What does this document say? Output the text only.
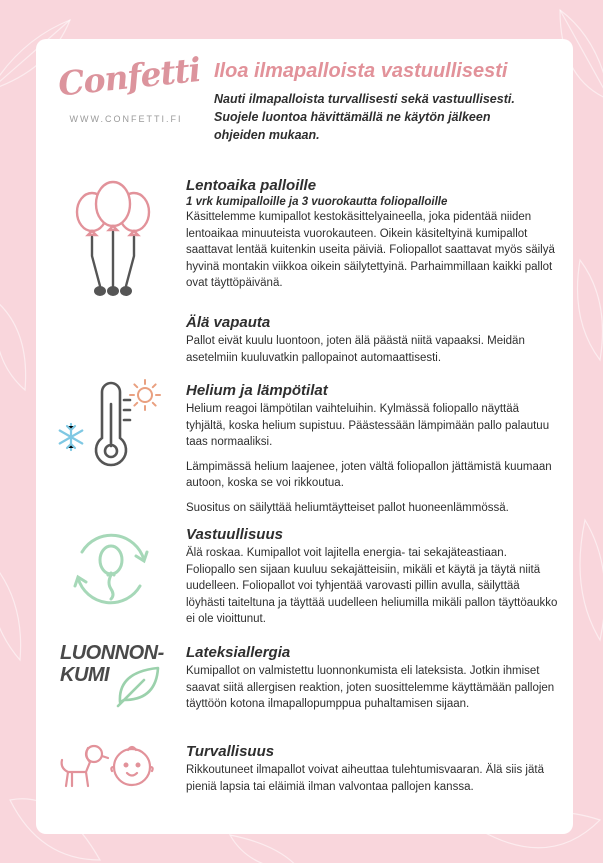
Confetti
WWW.CONFETTI.FI
Iloa ilmapalloista vastuullisesti

Nauti ilmapalloista turvallisesti sekä vastuullisesti. Suojele luontoa hävittämällä ne käytön jälkeen ohjeiden mukaan.

LUONNON-
KUMI
Lentoaika palloille

1 vrk kumipalloille ja 3 vuorokautta foliopalloille

Käsittelemme kumipallot kestokäsittelyaineella, joka pidentää niiden lentoaikaa minuuteista vuorokauteen. Oikein käsiteltyinä kumipallot saattavat lentää kuitenkin useita päiviä. Foliopallot saattavat myös säilyä hyvinä montakin viikkoa oikein säilytettyinä. Parhaimmillaan kaikki pallot ovat täyttöpäivänä.

Älä vapauta

Pallot eivät kuulu luontoon, joten älä päästä niitä vapaaksi. Meidän asetelmiin kuuluvatkin pallopainot automaattisesti.

Helium ja lämpötilat

Helium reagoi lämpötilan vaihteluihin. Kylmässä foliopallo näyttää tyhjältä, koska helium supistuu. Päästessään lämpimään pallo palautuu taas normaaliksi.

Lämpimässä helium laajenee, joten vältä foliopallon jättämistä kuumaan autoon, koska se voi rikkoutua.

Suositus on säilyttää heliumtäytteiset pallot huoneenlämmössä.

Vastuullisuus

Älä roskaa. Kumipallot voit lajitella energia- tai sekajäteastiaan. Foliopallo sen sijaan kuuluu sekajätteisiin, mikäli et käytä ja täytä niitä uudelleen. Foliopallot voi tyhjentää varovasti pillin avulla, säilyttää löyhästi taiteltuna ja täyttää uudelleen heliumilla mikäli pallon täyttöaukko ei ole vioittunut.

Lateksiallergia

Kumipallot on valmistettu luonnonkumista eli lateksista. Jotkin ihmiset saavat siitä allergisen reaktion, joten suosittelemme käyttämään pallojen täyttöön kotona ilmapallopumppua puhaltamisen sijaan.

Turvallisuus

Rikkoutuneet ilmapallot voivat aiheuttaa tulehtumisvaaran. Älä siis jätä pieniä lapsia tai eläimiä ilman valvontaa pallojen kanssa.
